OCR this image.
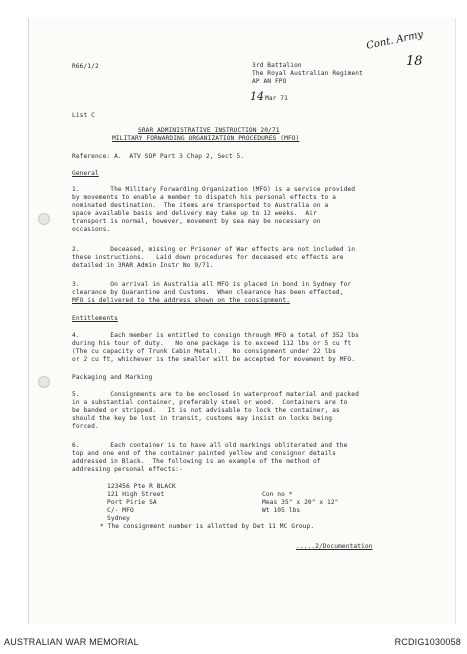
R66/1/2	3rd Battalion
The Royal Australian Regiment
AP AN FPO
14 Mar 71
Cont. Army
18
List C
SRAR ADMINISTRATIVE INSTRUCTION 20/71
MILITARY FORWARDING ORGANIZATION PROCEDURES (MFO)
Reference: A.  ATV SOP Part 3 Chap 2, Sect 5.
General
1.        The Military Forwarding Organization (MFO) is a service provided
by movements to enable a member to dispatch his personal effects to a
nominated destination.  The items are transported to Australia on a
space available basis and delivery may take up to 12 weeks.  Air
transport is normal, however, movement by sea may be necessary on
occasions.
2.        Deceased, missing or Prisoner of War effects are not included in
these instructions.   Laid down procedures for deceased etc effects are
detailed in 3RAR Admin Instr No 9/71.
3.        On arrival in Australia all MFO is placed in bond in Sydney for
clearance by Quarantine and Customs.  When clearance has been effected,
MFO is delivered to the address shown on the consignment.
Entitlements
4.        Each member is entitled to consign through MFO a total of 352 lbs
during his tour of duty.   No one package is to exceed 112 lbs or 5 cu ft
(The cu capacity of Trunk Cabin Metal).   No consignment under 22 lbs
or 2 cu ft, whichever is the smaller will be accepted for movement by MFO.
Packaging and Marking
5.        Consignments are to be enclosed in waterproof material and packed
in a substantial container, preferably steel or wood.  Containers are to
be banded or stripped.   It is not advisable to lock the container, as
should the key be lost in transit, customs may insist on locks being
forced.
6.        Each container is to have all old markings obliterated and the
top and one end of the container painted yellow and consignor details
addressed in Black.  The following is an example of the method of
addressing personal effects:-
123456 Pte R BLACK
121 High Street
Port Pirie SA
C/- MFO
Sydney
Con no *
Meas 35" x 20" x 12"
Wt 105 lbs
* The consignment number is allotted by Det 11 MC Group.
.....2/Documentation
AUSTRALIAN WAR MEMORIAL	RCDIG1030058
